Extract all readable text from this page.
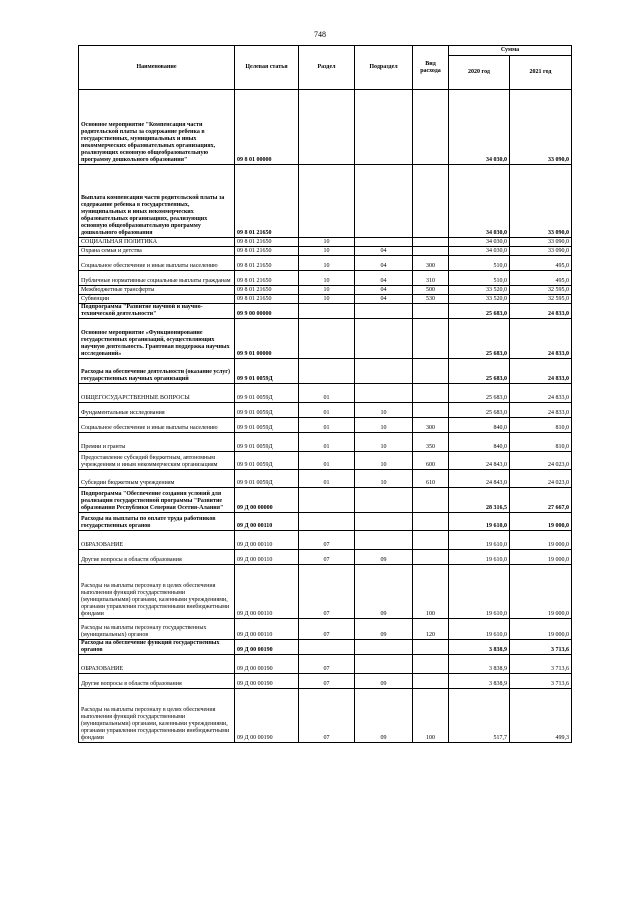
748
Наименование	Целевая статья	Раздел	Подраздел	Вид расхода	Сумма	
					2020 год	2021 год
Основное мероприятие "Компенсация части родительской платы за содержание ребенка в государственных, муниципальных и иных некоммерческих образовательных организациях, реализующих основную общеобразовательную программу дошкольного образования"	09 8 01 00000				34 030,0	33 090,0
Выплата компенсации части родительской платы за содержание ребенка в государственных, муниципальных и иных некоммерческих образовательных организациях, реализующих основную общеобразовательную программу дошкольного образования	09 8 01 21650				34 030,0	33 090,0
СОЦИАЛЬНАЯ ПОЛИТИКА	09 8 01 21650	10			34 030,0	33 090,0
Охрана семьи и детства	09 8 01 21650	10	04		34 030,0	33 090,0
Социальное обеспечение и иные выплаты населению	09 8 01 21650	10	04	300	510,0	495,0
Публичные нормативные социальные выплаты гражданам	09 8 01 21650	10	04	310	510,0	495,0
Межбюджетные трансферты	09 8 01 21650	10	04	500	33 520,0	32 595,0
Субвенции	09 8 01 21650	10	04	530	33 520,0	32 595,0
Подпрограмма "Развитие научной и научно-технической деятельности"	09 9 00 00000				25 683,0	24 833,0
Основное мероприятие «Функционирование государственных организаций, осуществляющих научную деятельность. Грантовая поддержка научных исследований»	09 9 01 00000				25 683,0	24 833,0
Расходы на обеспечение деятельности (оказание услуг) государственных научных организаций	09 9 01 0059Д				25 683,0	24 833,0
ОБЩЕГОСУДАРСТВЕННЫЕ ВОПРОСЫ	09 9 01 0059Д	01			25 683,0	24 833,0
Фундаментальные исследования	09 9 01 0059Д	01	10		25 683,0	24 833,0
Социальное обеспечение и иные выплаты населению	09 9 01 0059Д	01	10	300	840,0	810,0
Премии и гранты	09 9 01 0059Д	01	10	350	840,0	810,0
Предоставление субсидий бюджетным, автономным учреждениям и иным некоммерческим организациям	09 9 01 0059Д	01	10	600	24 843,0	24 023,0
Субсидии бюджетным учреждениям	09 9 01 0059Д	01	10	610	24 843,0	24 023,0
Подпрограмма "Обеспечение создания условий для реализации государственной программы "Развитие образования Республики Северная Осетия-Алания"	09 Д 00 00000				28 316,5	27 667,0
Расходы на выплаты по оплате труда работников государственных органов	09 Д 00 00110				19 610,0	19 000,0
ОБРАЗОВАНИЕ	09 Д 00 00110	07			19 610,0	19 000,0
Другие вопросы в области образования	09 Д 00 00110	07	09		19 610,0	19 000,0
Расходы на выплаты персоналу в целях обеспечения выполнения функций государственными (муниципальными) органами, казенными учреждениями, органами управления государственными внебюджетными фондами	09 Д 00 00110	07	09	100	19 610,0	19 000,0
Расходы на выплаты персоналу государственных (муниципальных) органов	09 Д 00 00110	07	09	120	19 610,0	19 000,0
Расходы на обеспечение функций государственных органов	09 Д 00 00190				3 838,9	3 713,6
ОБРАЗОВАНИЕ	09 Д 00 00190	07			3 838,9	3 713,6
Другие вопросы в области образования	09 Д 00 00190	07	09		3 838,9	3 713,6
Расходы на выплаты персоналу в целях обеспечения выполнения функций государственными (муниципальными) органами, казенными учреждениями, органами управления государственными внебюджетными фондами	09 Д 00 00190	07	09	100	517,7	499,3
